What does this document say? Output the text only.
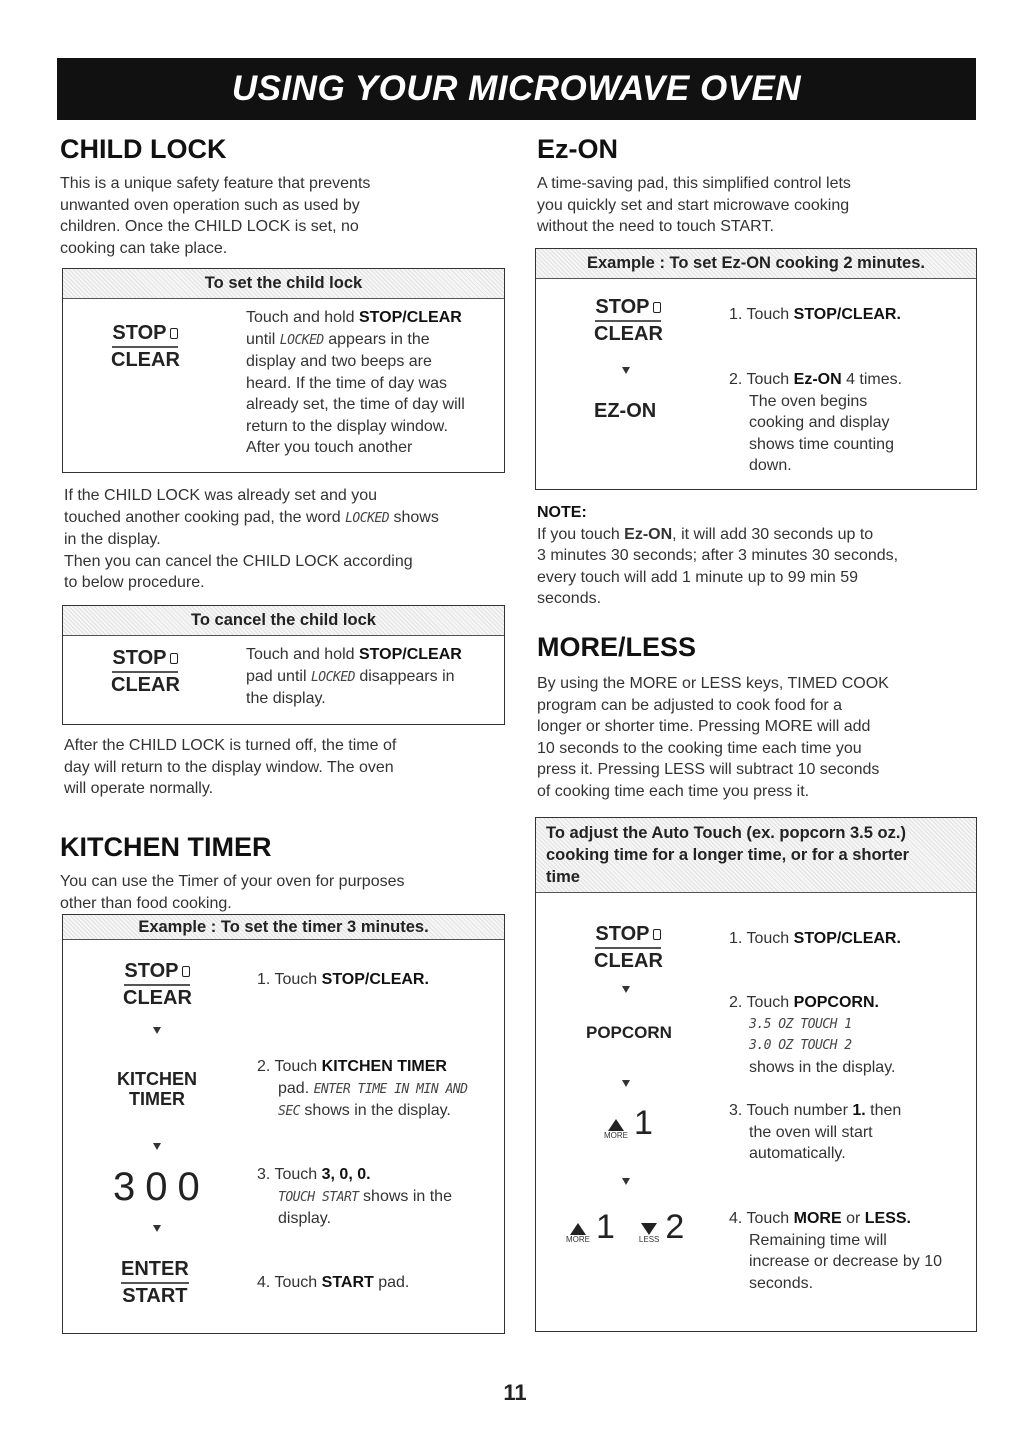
USING YOUR MICROWAVE OVEN
CHILD LOCK
This is a unique safety feature that prevents
unwanted oven operation such as used by
children. Once the CHILD LOCK is set, no
cooking can take place.
To set the child lock
STOP
CLEAR
Touch and hold STOP/CLEAR
until LOCKED appears in the
display and two beeps are
heard. If the time of day was
already set, the time of day will
return to the display window.
After you touch another
If the CHILD LOCK was already set and you
touched another cooking pad, the word LOCKED shows
in the display.
Then you can cancel the CHILD LOCK according
to below procedure.
To cancel the child lock
STOP
CLEAR
Touch and hold STOP/CLEAR
pad until LOCKED disappears in
the display.
After the CHILD LOCK is turned off, the time of
day will return to the display window. The oven
will operate normally.
KITCHEN TIMER
You can use the Timer of your oven for purposes
other than food cooking.
Example : To set the timer 3 minutes.
STOP
CLEAR
KITCHEN
TIMER
300
ENTER
START
1. Touch STOP/CLEAR.
2. Touch KITCHEN TIMER
pad. ENTER TIME IN MIN AND
SEC shows in the display.
3. Touch 3, 0, 0.
TOUCH START shows in the
display.
4. Touch START pad.
Ez-ON
A time-saving pad, this simplified control lets
you quickly set and start microwave cooking
without the need to touch START.
Example : To set Ez-ON cooking 2 minutes.
STOP
CLEAR
EZ-ON
1. Touch STOP/CLEAR.
2. Touch Ez-ON 4 times.
The oven begins
cooking and display
shows time counting
down.
NOTE:
If you touch Ez-ON, it will add 30 seconds up to
3 minutes 30 seconds; after 3 minutes 30 seconds,
every touch will add 1 minute up to 99 min 59
seconds.
MORE/LESS
By using the MORE or LESS keys, TIMED COOK
program can be adjusted to cook food for a
longer or shorter time. Pressing MORE will add
10 seconds to the cooking time each time you
press it. Pressing LESS will subtract 10 seconds
of cooking time each time you press it.
To adjust the Auto Touch (ex. popcorn 3.5 oz.)
cooking time for a longer time, or for a shorter
time
STOP
CLEAR
POPCORN
MORE 1
MORE 1	LESS 2
1. Touch STOP/CLEAR.
2. Touch POPCORN.
3.5 OZ TOUCH 1
3.0 OZ TOUCH 2
shows in the display.
3. Touch number 1. then
the oven will start
automatically.
4. Touch MORE or LESS.
Remaining time will
increase or decrease by 10
seconds.
11
